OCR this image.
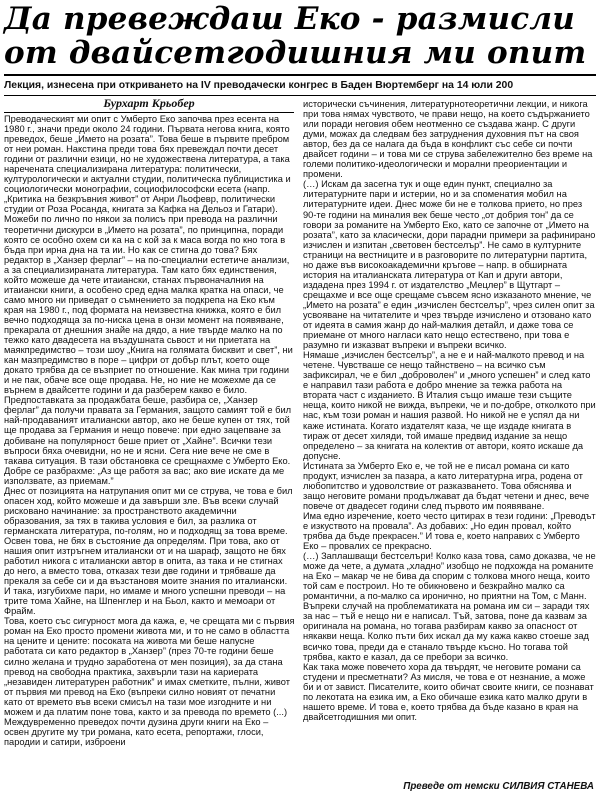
Да превеждаш Еко - размисли от двайсетгодишния ми опит
Лекция, изнесена при откриването на IV преводачески конгрес в Баден Вюртемберг на 14 юли 200
Бурхарт Крьобер

Преводаческият ми опит с Умберто Еко започва през есента на 1980 г., значи преди около 24 години. Първата негова книга, която преведох, беше „Името на розата”. Това беше в първите пребром от неи роман. Накстина преди това бях превеждал почти десет години от различни езици, но не художествена литература, а така наречената специализирана литература: политически, културологически и актуални студии, политическа публицистика и социологически монографии, социофилософски есета (напр. „Критика на безкръвния живот” от Анри Льофевр, политически студии от Роза Росанда, книгата за Кафка на Дельоз и Гатари). Можеби по лично по някои за полисъ при превода на различни теоретични дискурси в „Името на розата”, по принципна, поради която се особно охем си ка на с кой за к маса вогда по кно тога в бъда при ирна дна на та ии. Но как се стигна до това? Бях редактор в „Ханзер ферлаг” – на по-специални естетиче анализи, а за специализираната литература. Там като бях единствения, който можеше да чете итаиански, станах първоначалния на итаиански книги, а особено сред една малка кратка на опаси, че само много ни приведат о съмнението за подкрепа на Еко към края на 1980 г., под формата на неизвестна книжка, която е бил вечно подходяща за по-ниска цена в онзи момент на появяване, прекарала от днешния знайе на дядо, а ние твърде малко на по тежко като двадесета на въздушната сьвост и ни приетата на маякпредимство – този шоу „Книга на голямата бисквит и свет”, ни кан мазпредимство в поре – цифри от добър плът, което още докато трябва да се възприет по отношение. Как мина три години и не пак, обаче все още продава. Не, но ние не можехме да се върнем в двайсетте години и да разберем какво е било. Предпоставката за продажбата беше, разбира се, „Ханзер ферлаг” да получи правата за Германия, защото самият той е бил най-продаваният италиански автор, ако не беше купен от тях, той ще продава за Германия и нещо повече: при едно зацепване за добиване на популярност беше приет от „Хайне”. Всички тези въпроси бяха очевидни, но не и ясни. Сега ние вече не сме в такава ситуация. В тази обстановка се срещнахме с Умберто Еко. Добре се разбрахме: „Аз ще работя за вас; ако вие искате да ме използвате, аз приемам.”

Днес от позицията на натрупания опит ми се струва, че това е бил опасен ход, който можеше и да завърши зле. Във всеки случай рисковано начинание: за пространството академични образования, за тях в такива условия е бил, за разлика от германската литература, по-голям, но и подходящ за това време. Освен това, не бях в състояние да определям. При това, ако от нашия опит изтръгнем италиански от и на шараф, защото не бях работил никога с италиански автор в опита, аз така и не стигнах до него, а вместо това, отказах тези две години и трябваше да прекаля за себе си и да възстановя моите знания по италиански. И така, изгубихме пари, но имаме и много успешни преводи – на трите тома Хайне, на Шпенглер и на Бьол, както и мемоари от Фрайм.

Това, което със сигурност мога да кажа, е, че срещата ми с първия роман на Еко просто промени живота ми, и то не само в областта на цените и цените: посоката на живота ми беше напусне работата си като редактор в „Ханзер” (през 70-те години беше силно желана и трудно заработена от мен позиция), за да стана превод на свободна практика, захвърли тази на кариерата „незавиден литературен работник” и имах сметките, пълни, живот от първия ми превод на Еко (въпреки силно новият от печатни като от времето във всеки смисъл на тази мое изгодните и ни можем и да платим поне това, както и за превода по времето (...)

Междувременно преведох почти дузина други книги на Еко – освен другите му три романа, като есета, репортажи, глоси, пародии и сатири, изброени

исторически съчинения, литературнотеоретични лекции, и никога при това нямах чувството, че прави нещо, на което съдържанието или поради неговия обем неотменно се създава жанр. С други думи, можах да следвам без затруднения духовния път на своя автор, без да се налага да бъда в конфликт със себе си почти двайсет години – и това ми се струва забележително без време на големи политико-идеологически и морални преориентации и промени.

(…) Искам да засегна тук и още един пункт, специално за литературните пари и истерии, но и за споменатия мобил на литературните идеи. Днес може би не е толкова прието, но през 90-те години на миналия век беше често „от добрия тон” да се говори за романите на Умберто Еко, като се започне от „Името на розата”, като за класически, дори парадни примери за рафинирано изчислен и изпитан „световен бестселър”. Не само в културните страници на вестниците и в разговорите по литературни партита, но даже във високоакадемични кръгове – напр. в обширната история на италианската литература от Кап и други автори, издадена през 1994 г. от издателство „Мецлер” в Щутгарт – срещахме и все още срещаме съвсем ясно изказаното мнение, че „Името на розата” е един „изчислен бестселър”, чрез силен опит за усвояване на читателите и чрез твърде изчислено и отзовано като от идеята в самия жанр до най-малкия детайл, и даже това се приемане от много нагласи като нещо естествено, при това е разумно ги изказват въпреки и въпреки всичко.

Нямаше „изчислен бестселър”, а не е и най-малкото превод и на четене. Чувстваше се нещо тайнствено – на всичко съм зафиксирал, че е бил „доброволен” и „много успешен” и след като е направил тази работа е добро мнение за тежка работа на втората част с изданието. В Италия също имаше тези същите неща, които никой не вижда, въпреки, че и по-добре, отколкото при нас, към този роман и нашия развой. Но никой не е успял да ни каже истината. Когато издателят каза, че ще издаде книгата в тираж от десет хиляди, той имаше предвид издание за нещо определено – за книгата на колектив от автори, която искаше да допусне.

Истината за Умберто Еко е, че той не е писал романа си като продукт, изчислен за пазара, а като литературна игра, родена от любопитство и удоволствие от разказването. Това обяснява и защо неговите романи продължават да бъдат четени и днес, вече повече от двадесет години след първото им появяване.

Има едно изречение, което често цитирах в тези години: „Преводът е изкуството на провала”. Аз добавих: „Но един провал, който трябва да бъде прекрасен.” И това е, което направих с Умберто Еко – провалих се прекрасно.

(…) Заплашващи бестселъри! Колко каза това, само доказва, че не може да чете, а думата „хладно” изобщо не подхожда на романите на Еко – макар че не бива да спорим с толкова много неща, които той сам е построил. Но те обикновено и безкрайно малко са романтични, а по-малко са иронично, но приятни на Том, с Манн. Въпреки случай на проблематиката на романа им си – заради тях за нас – тъй е нещо ни е написал. Тъй, затова, поне да казвам за оригинала на романа, но тогава разбирам какво за опасност от някакви неща. Колко пъти бих искал да му кажа какво стоеше зад всичко това, преди да е станало твърде късно. Но тогава той трябва, както е казал, да се пребори за всичко.

Как така може повечето хора да твърдят, че неговите романи са студени и пресметнати? Аз мисля, че това е от незнание, а може би и от завист. Писателите, които обичат своите книги, се познават по лекотата на езика им, а Еко обичаше езика като малко други в нашето време. И това е, което трябва да бъде казано в края на двайсетгодишния ми опит.

Преведе от немски СИЛВИЯ СТАНЕВА
